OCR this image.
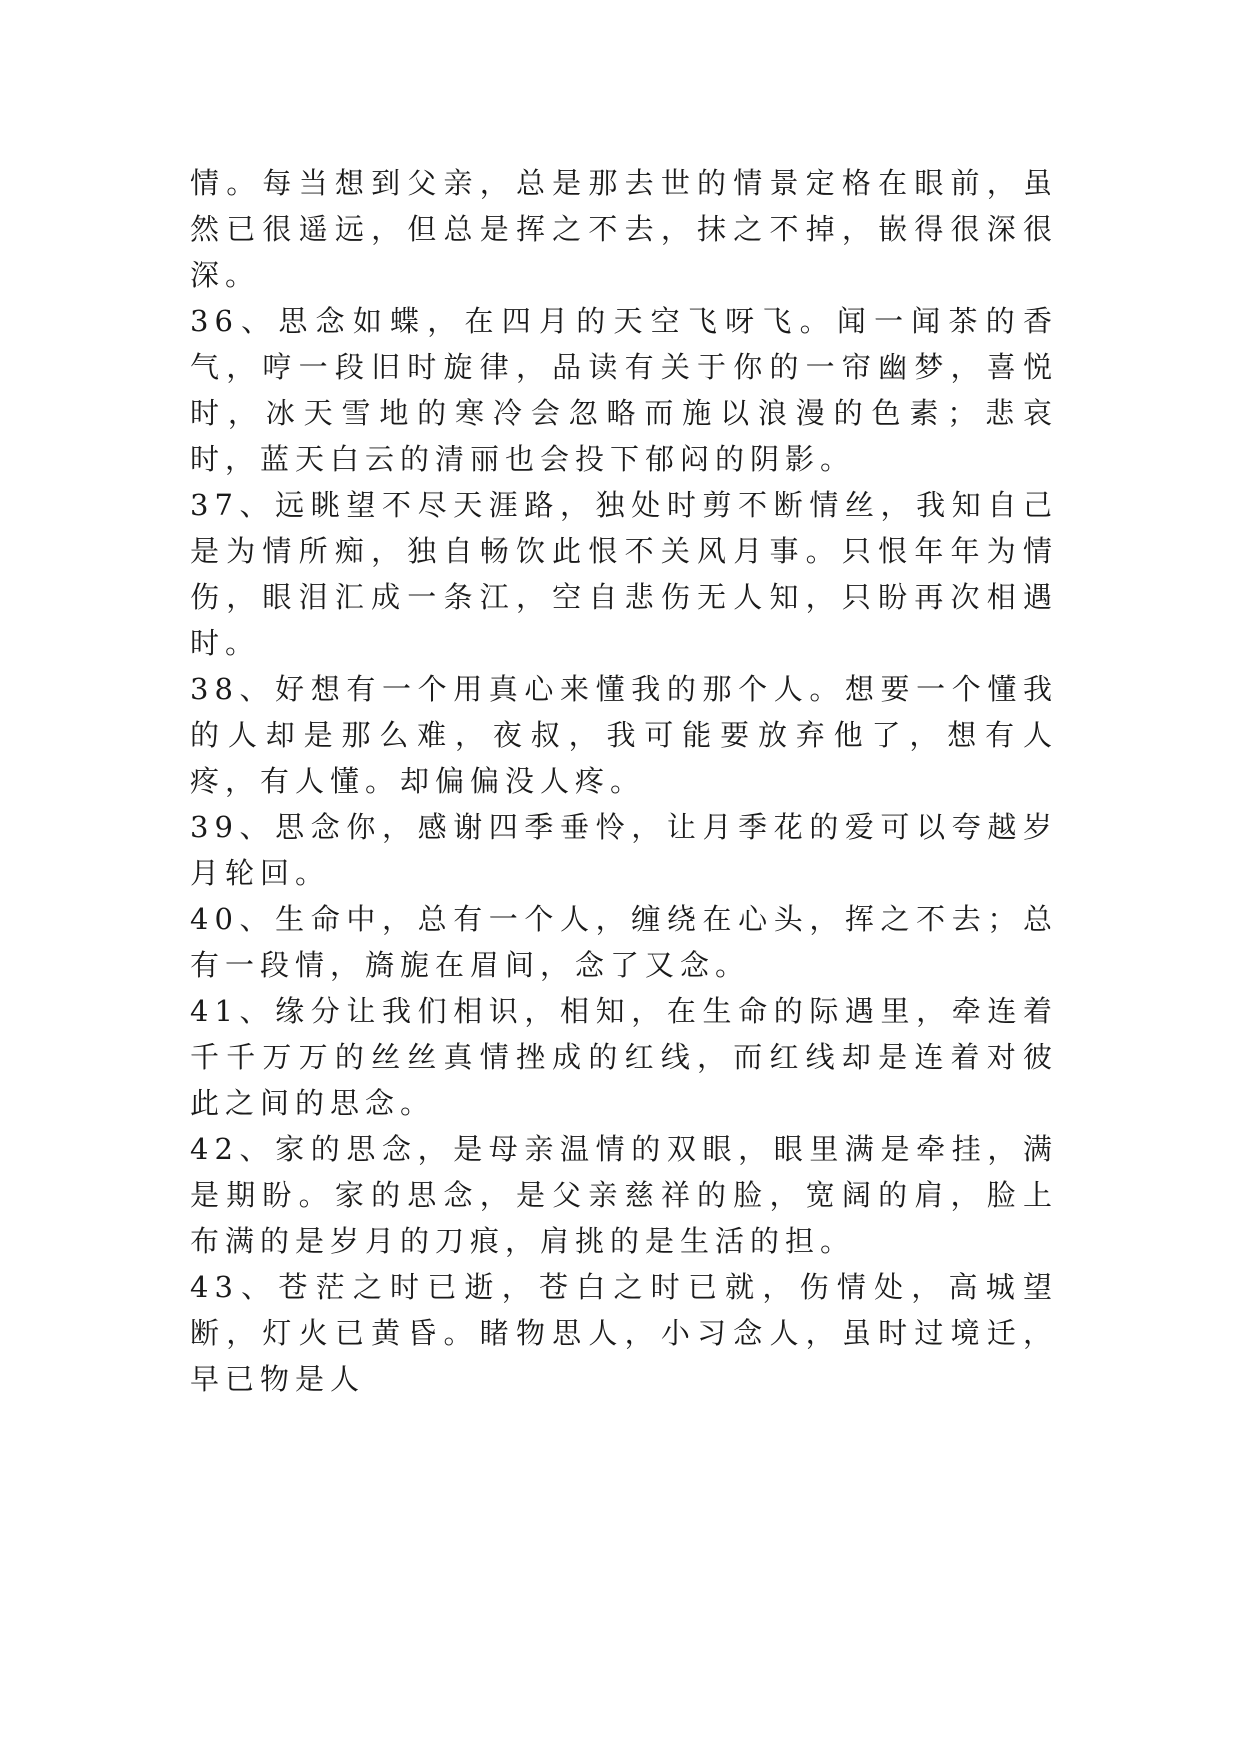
情。每当想到父亲，总是那去世的情景定格在眼前，虽然已很遥远，但总是挥之不去，抹之不掉，嵌得很深很深。

36、思念如蝶，在四月的天空飞呀飞。闻一闻茶的香气，哼一段旧时旋律，品读有关于你的一帘幽梦，喜悦时，冰天雪地的寒冷会忽略而施以浪漫的色素；悲哀时，蓝天白云的清丽也会投下郁闷的阴影。

37、远眺望不尽天涯路，独处时剪不断情丝，我知自己是为情所痴，独自畅饮此恨不关风月事。只恨年年为情伤，眼泪汇成一条江，空自悲伤无人知，只盼再次相遇时。

38、好想有一个用真心来懂我的那个人。想要一个懂我的人却是那么难，夜叔，我可能要放弃他了，想有人疼，有人懂。却偏偏没人疼。

39、思念你，感谢四季垂怜，让月季花的爱可以夸越岁月轮回。

40、生命中，总有一个人，缠绕在心头，挥之不去；总有一段情，旖旎在眉间，念了又念。

41、缘分让我们相识，相知，在生命的际遇里，牵连着千千万万的丝丝真情挫成的红线，而红线却是连着对彼此之间的思念。

42、家的思念，是母亲温情的双眼，眼里满是牵挂，满是期盼。家的思念，是父亲慈祥的脸，宽阔的肩，脸上布满的是岁月的刀痕，肩挑的是生活的担。

43、苍茫之时已逝，苍白之时已就，伤情处，高城望断，灯火已黄昏。睹物思人，小习念人，虽时过境迁，早已物是人
